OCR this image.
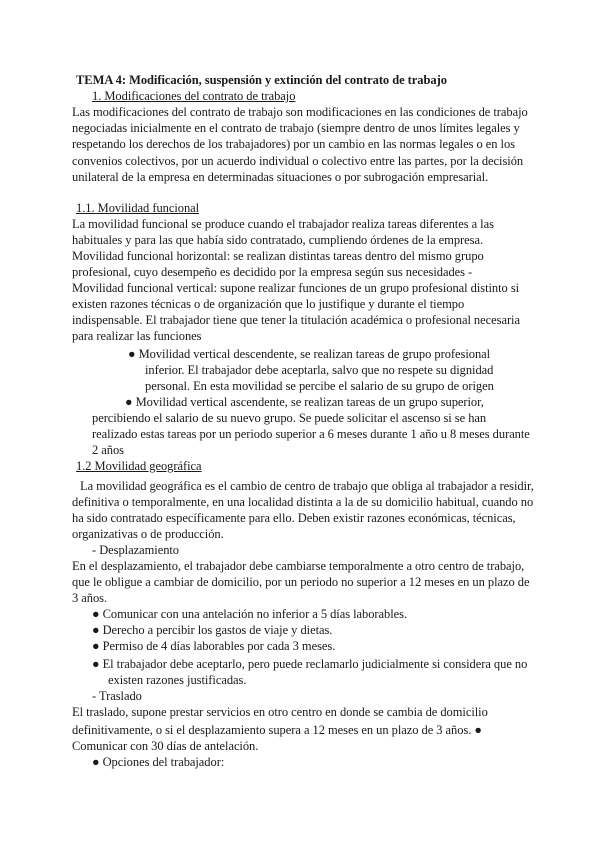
TEMA 4: Modificación, suspensión y extinción del contrato de trabajo
1. Modificaciones del contrato de trabajo
Las modificaciones del contrato de trabajo son modificaciones en las condiciones de trabajo
negociadas inicialmente en el contrato de trabajo (siempre dentro de unos límites legales y
respetando los derechos de los trabajadores) por un cambio en las normas legales o en los
convenios colectivos, por un acuerdo individual o colectivo entre las partes, por la decisión
unilateral de la empresa en determinadas situaciones o por subrogación empresarial.
1.1. Movilidad funcional
La movilidad funcional se produce cuando el trabajador realiza tareas diferentes a las
habituales y para las que había sido contratado, cumpliendo órdenes de la empresa.
Movilidad funcional horizontal: se realizan distintas tareas dentro del mismo grupo
profesional, cuyo desempeño es decidido por la empresa según sus necesidades -
Movilidad funcional vertical: supone realizar funciones de un grupo profesional distinto si
existen razones técnicas o de organización que lo justifique y durante el tiempo
indispensable. El trabajador tiene que tener la titulación académica o profesional necesaria
para realizar las funciones
● Movilidad vertical descendente, se realizan tareas de grupo profesional
inferior. El trabajador debe aceptarla, salvo que no respete su dignidad
personal. En esta movilidad se percibe el salario de su grupo de origen
● Movilidad vertical ascendente, se realizan tareas de un grupo superior,
percibiendo el salario de su nuevo grupo. Se puede solicitar el ascenso si se han
realizado estas tareas por un periodo superior a 6 meses durante 1 año u 8 meses durante
2 años
1.2 Movilidad geográfica
La movilidad geográfica es el cambio de centro de trabajo que obliga al trabajador a residir,
definitiva o temporalmente, en una localidad distinta a la de su domicilio habitual, cuando no
ha sido contratado específicamente para ello. Deben existir razones económicas, técnicas,
organizativas o de producción.
- Desplazamiento
En el desplazamiento, el trabajador debe cambiarse temporalmente a otro centro de trabajo,
que le obligue a cambiar de domicilio, por un periodo no superior a 12 meses en un plazo de
3 años.
● Comunicar con una antelación no inferior a 5 días laborables.
● Derecho a percibir los gastos de viaje y dietas.
● Permiso de 4 días laborables por cada 3 meses.
● El trabajador debe aceptarlo, pero puede reclamarlo judicialmente si considera que no
existen razones justificadas.
- Traslado
El traslado, supone prestar servicios en otro centro en donde se cambia de domicilio
definitivamente, o si el desplazamiento supera a 12 meses en un plazo de 3 años. ●
Comunicar con 30 días de antelación.
● Opciones del trabajador:
